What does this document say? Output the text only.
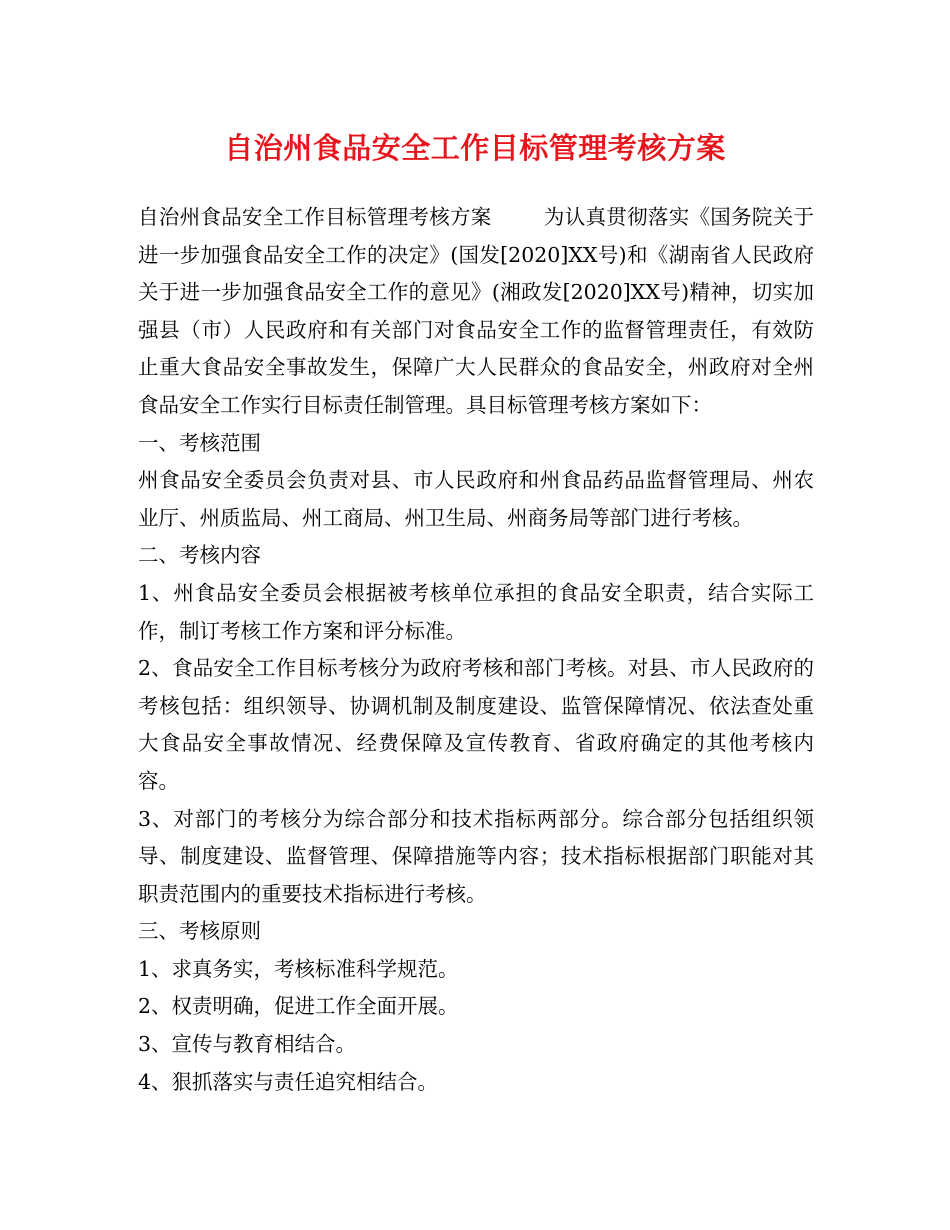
自治州食品安全工作目标管理考核方案

自治州食品安全工作目标管理考核方案	为认真贯彻落实《国务院关于进一步加强食品安全工作的决定》(国发[2020]XX号)和《湖南省人民政府关于进一步加强食品安全工作的意见》(湘政发[2020]XX号)精神，切实加强县（市）人民政府和有关部门对食品安全工作的监督管理责任，有效防止重大食品安全事故发生，保障广大人民群众的食品安全，州政府对全州食品安全工作实行目标责任制管理。具目标管理考核方案如下：

一、考核范围

州食品安全委员会负责对县、市人民政府和州食品药品监督管理局、州农业厅、州质监局、州工商局、州卫生局、州商务局等部门进行考核。

二、考核内容

1、州食品安全委员会根据被考核单位承担的食品安全职责，结合实际工作，制订考核工作方案和评分标准。

2、食品安全工作目标考核分为政府考核和部门考核。对县、市人民政府的考核包括：组织领导、协调机制及制度建设、监管保障情况、依法查处重大食品安全事故情况、经费保障及宣传教育、省政府确定的其他考核内容。

3、对部门的考核分为综合部分和技术指标两部分。综合部分包括组织领导、制度建设、监督管理、保障措施等内容；技术指标根据部门职能对其职责范围内的重要技术指标进行考核。

三、考核原则

1、求真务实，考核标准科学规范。

2、权责明确，促进工作全面开展。

3、宣传与教育相结合。

4、狠抓落实与责任追究相结合。
